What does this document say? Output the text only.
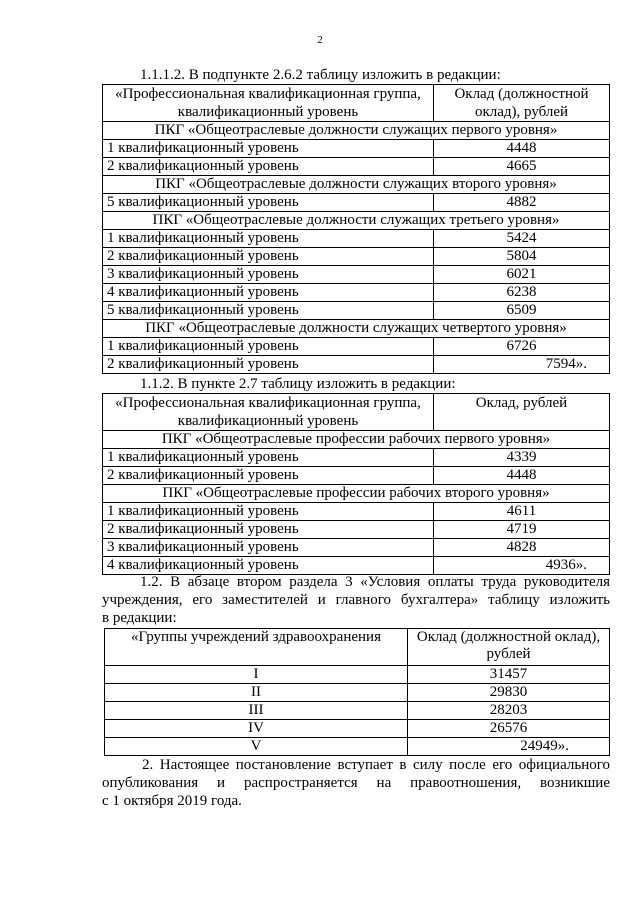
2

1.1.1.2. В подпункте 2.6.2 таблицу изложить в редакции:

«Профессиональная квалификационная группа, квалификационный уровень	Оклад (должностной оклад), рублей
ПКГ «Общеотраслевые должности служащих первого уровня»	
1 квалификационный уровень	4448
2 квалификационный уровень	4665
ПКГ «Общеотраслевые должности служащих второго уровня»	
5 квалификационный уровень	4882
ПКГ «Общеотраслевые должности служащих третьего уровня»	
1 квалификационный уровень	5424
2 квалификационный уровень	5804
3 квалификационный уровень	6021
4 квалификационный уровень	6238
5 квалификационный уровень	6509
ПКГ «Общеотраслевые должности служащих четвертого уровня»	
1 квалификационный уровень	6726
2 квалификационный уровень	7594».

1.1.2. В пункте 2.7 таблицу изложить в редакции:

«Профессиональная квалификационная группа, квалификационный уровень	Оклад, рублей
ПКГ «Общеотраслевые профессии рабочих первого уровня»	
1 квалификационный уровень	4339
2 квалификационный уровень	4448
ПКГ «Общеотраслевые профессии рабочих второго уровня»	
1 квалификационный уровень	4611
2 квалификационный уровень	4719
3 квалификационный уровень	4828
4 квалификационный уровень	4936».
1.2. В абзаце втором раздела 3 «Условия оплаты труда руководителя
учреждения, его заместителей и главного бухгалтера» таблицу изложить
в редакции:
«Группы учреждений здравоохранения	Оклад (должностной оклад), рублей
I	31457
II	29830
III	28203
IV	26576
V	24949».
2. Настоящее постановление вступает в силу после его официального
опубликования и распространяется на правоотношения, возникшие
с 1 октября 2019 года.
